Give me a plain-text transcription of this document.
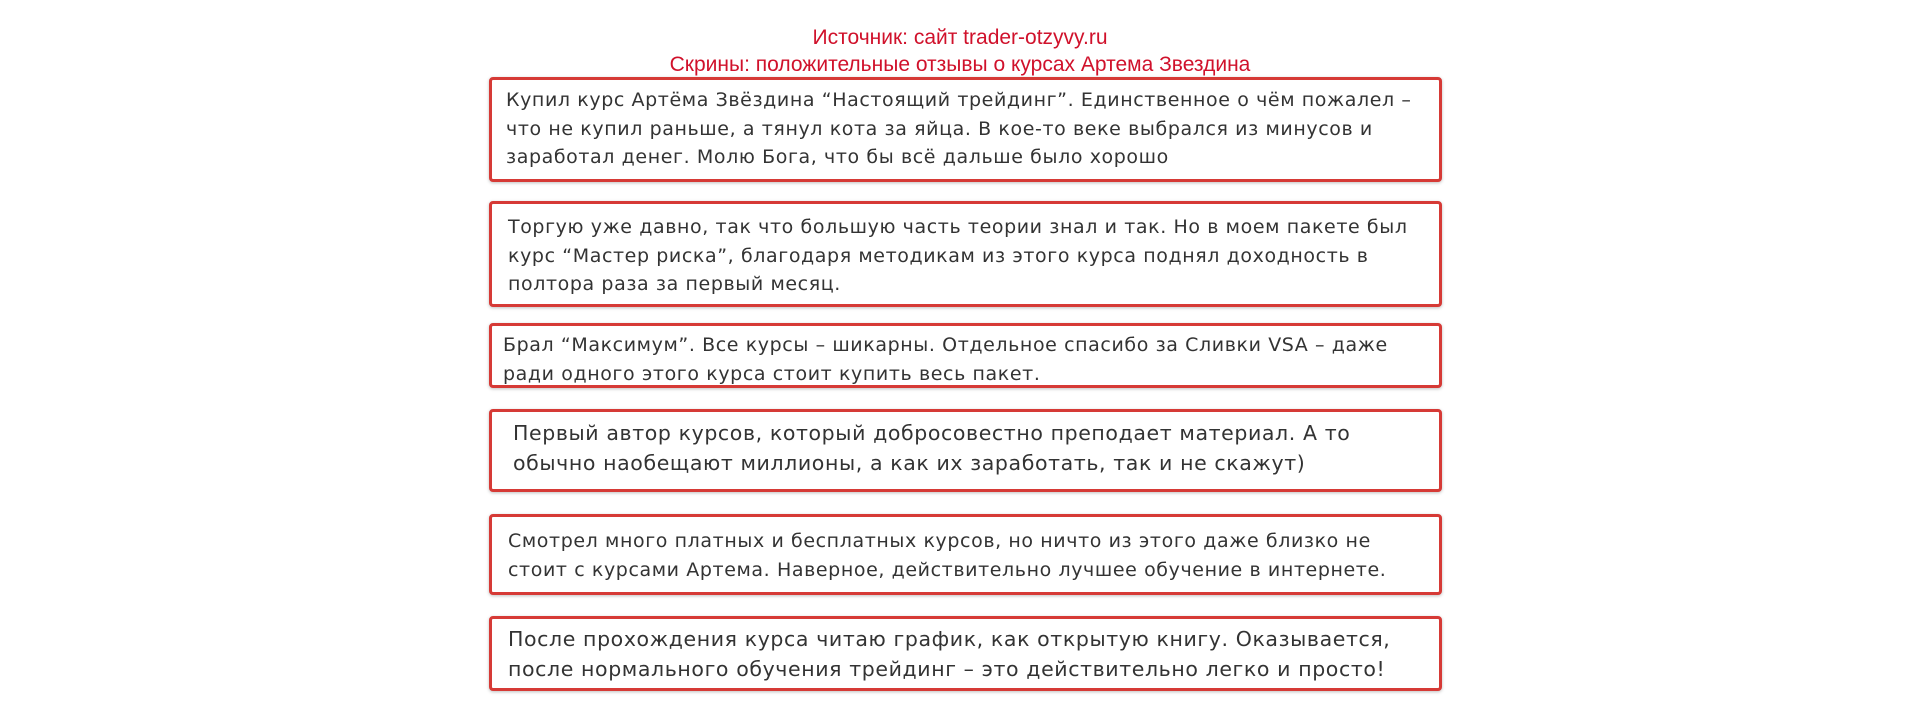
Источник: сайт trader-otzyvy.ru
Скрины: положительные отзывы о курсах Артема Звездина

Купил курс Артёма Звёздина “Настоящий трейдинг”. Единственное о чём пожалел – что не купил раньше, а тянул кота за яйца. В кое-то веке выбрался из минусов и заработал денег. Молю Бога, что бы всё дальше было хорошо

Торгую уже давно, так что большую часть теории знал и так. Но в моем пакете был курс “Мастер риска”, благодаря методикам из этого курса поднял доходность в полтора раза за первый месяц.

Брал “Максимум”. Все курсы – шикарны. Отдельное спасибо за Сливки VSA – даже ради одного этого курса стоит купить весь пакет.

Первый автор курсов, который добросовестно преподает материал. А то обычно наобещают миллионы, а как их заработать, так и не скажут)

Смотрел много платных и бесплатных курсов, но ничто из этого даже близко не стоит с курсами Артема. Наверное, действительно лучшее обучение в интернете.

После прохождения курса читаю график, как открытую книгу. Оказывается, после нормального обучения трейдинг – это действительно легко и просто!
